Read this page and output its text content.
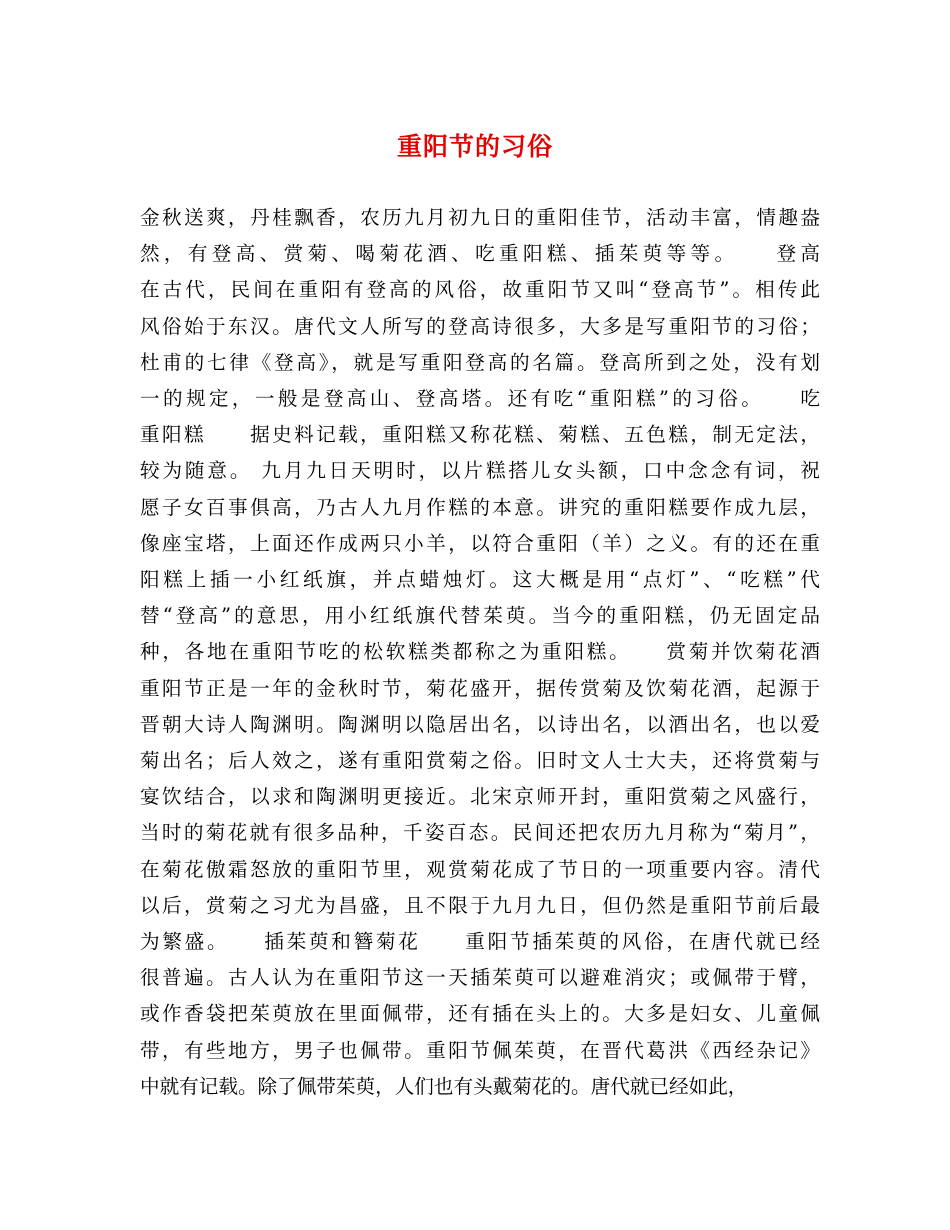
重阳节的习俗
金秋送爽，丹桂飘香，农历九月初九日的重阳佳节，活动丰富，情趣盎
然，有登高、赏菊、喝菊花酒、吃重阳糕、插茱萸等等。　　登高
在古代，民间在重阳有登高的风俗，故重阳节又叫“登高节”。相传此
风俗始于东汉。唐代文人所写的登高诗很多，大多是写重阳节的习俗；
杜甫的七律《登高》，就是写重阳登高的名篇。登高所到之处，没有划
一的规定，一般是登高山、登高塔。还有吃“重阳糕”的习俗。　　吃
重阳糕　　据史料记载，重阳糕又称花糕、菊糕、五色糕，制无定法，
较为随意。 九月九日天明时，以片糕搭儿女头额，口中念念有词，祝
愿子女百事俱高，乃古人九月作糕的本意。讲究的重阳糕要作成九层，
像座宝塔，上面还作成两只小羊，以符合重阳（羊）之义。有的还在重
阳糕上插一小红纸旗，并点蜡烛灯。这大概是用“点灯”、“吃糕”代
替“登高”的意思，用小红纸旗代替茱萸。当今的重阳糕，仍无固定品
种，各地在重阳节吃的松软糕类都称之为重阳糕。　　赏菊并饮菊花酒
重阳节正是一年的金秋时节，菊花盛开，据传赏菊及饮菊花酒，起源于
晋朝大诗人陶渊明。陶渊明以隐居出名，以诗出名，以酒出名，也以爱
菊出名；后人效之，遂有重阳赏菊之俗。旧时文人士大夫，还将赏菊与
宴饮结合，以求和陶渊明更接近。北宋京师开封，重阳赏菊之风盛行，
当时的菊花就有很多品种，千姿百态。民间还把农历九月称为“菊月”，
在菊花傲霜怒放的重阳节里，观赏菊花成了节日的一项重要内容。清代
以后，赏菊之习尤为昌盛，且不限于九月九日，但仍然是重阳节前后最
为繁盛。　　插茱萸和簪菊花　　重阳节插茱萸的风俗，在唐代就已经
很普遍。古人认为在重阳节这一天插茱萸可以避难消灾；或佩带于臂，
或作香袋把茱萸放在里面佩带，还有插在头上的。大多是妇女、儿童佩
带，有些地方，男子也佩带。重阳节佩茱萸，在晋代葛洪《西经杂记》
中就有记载。除了佩带茱萸，人们也有头戴菊花的。唐代就已经如此，
